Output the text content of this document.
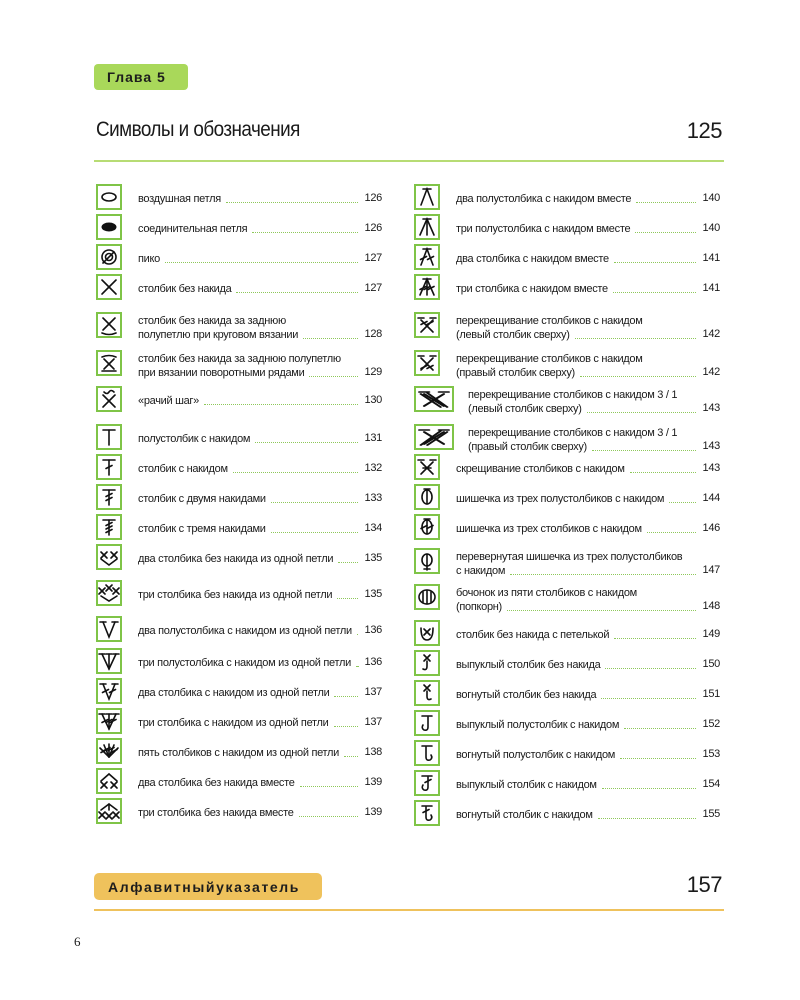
Глава 5
Символы и обозначения	125
воздушная петля	126
соединительная петля	126
пико	127
столбик без накида	127
столбик без накида за заднюю
полупетлю при круговом вязании	128
столбик без накида за заднюю полупетлю
при вязании поворотными рядами	129
«рачий шаг»	130
полустолбик с накидом	131
столбик с накидом	132
столбик с двумя накидами	133
столбик с тремя накидами	134
два столбика без накида из одной петли	135
три столбика без накида из одной петли	135
два полустолбика с накидом из одной петли	136
три полустолбика с накидом из одной петли	136
два столбика с накидом из одной петли	137
три столбика с накидом из одной петли	137
пять столбиков с накидом из одной петли	138
два столбика без накида вместе	139
три столбика без накида вместе	139
два полустолбика с накидом вместе	140
три полустолбика с накидом вместе	140
два столбика с накидом вместе	141
три столбика с накидом вместе	141
перекрещивание столбиков с накидом
(левый столбик сверху)	142
перекрещивание столбиков с накидом
(правый столбик сверху)	142
перекрещивание столбиков с накидом 3 / 1
(левый столбик сверху)	143
перекрещивание столбиков с накидом 3 / 1
(правый столбик сверху)	143
скрещивание столбиков с накидом	143
шишечка из трех полустолбиков с накидом	144
шишечка из трех столбиков с накидом	146
перевернутая шишечка из трех полустолбиков
с накидом	147
бочонок из пяти столбиков с накидом
(попкорн)	148
столбик без накида с петелькой	149
выпуклый столбик без накида	150
вогнутый столбик без накида	151
выпуклый полустолбик с накидом	152
вогнутый полустолбик с накидом	153
выпуклый столбик с накидом	154
вогнутый столбик с накидом	155
Алфавитныйуказатель	157
6
